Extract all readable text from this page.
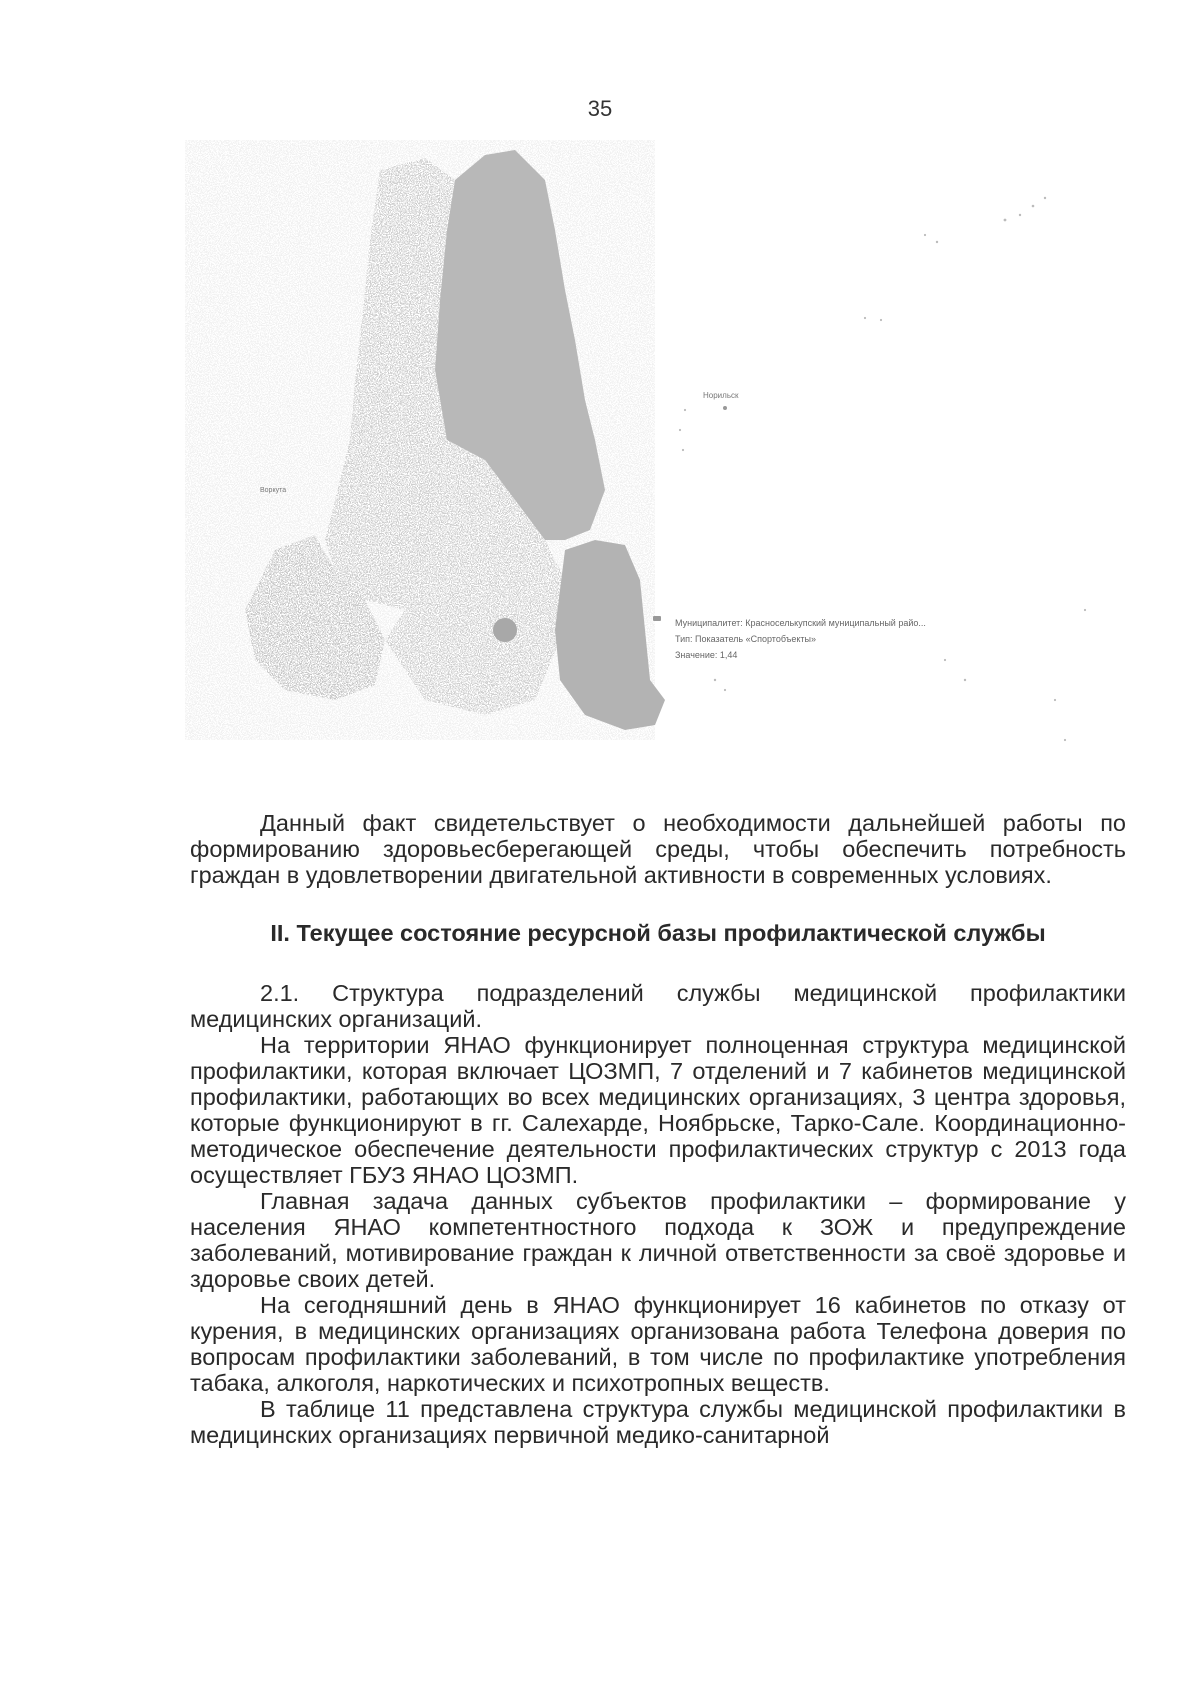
35
Норильск
Воркута
Муниципалитет: Красноселькупский муниципальный райо...
Тип: Показатель «Спортобъекты»
Значение: 1,44

Данный факт свидетельствует о необходимости дальнейшей работы по формированию здоровьесберегающей среды, чтобы обеспечить потребность граждан в удовлетворении двигательной активности в современных условиях.

II. Текущее состояние ресурсной базы профилактической службы

2.1. Структура подразделений службы медицинской профилактики медицинских организаций.

На территории ЯНАО функционирует полноценная структура медицинской профилактики, которая включает ЦОЗМП, 7 отделений и 7 кабинетов медицинской профилактики, работающих во всех медицинских организациях, 3 центра здоровья, которые функционируют в гг. Салехарде, Ноябрьске, Тарко-Сале. Координационно-методическое обеспечение деятельности профилактических структур с 2013 года осуществляет ГБУЗ ЯНАО ЦОЗМП.

Главная задача данных субъектов профилактики – формирование у населения ЯНАО компетентностного подхода к ЗОЖ и предупреждение заболеваний, мотивирование граждан к личной ответственности за своё здоровье и здоровье своих детей.

На сегодняшний день в ЯНАО функционирует 16 кабинетов по отказу от курения, в медицинских организациях организована работа Телефона доверия по вопросам профилактики заболеваний, в том числе по профилактике употребления табака, алкоголя, наркотических и психотропных веществ.

В таблице 11 представлена структура службы медицинской профилактики в медицинских организациях первичной медико-санитарной
